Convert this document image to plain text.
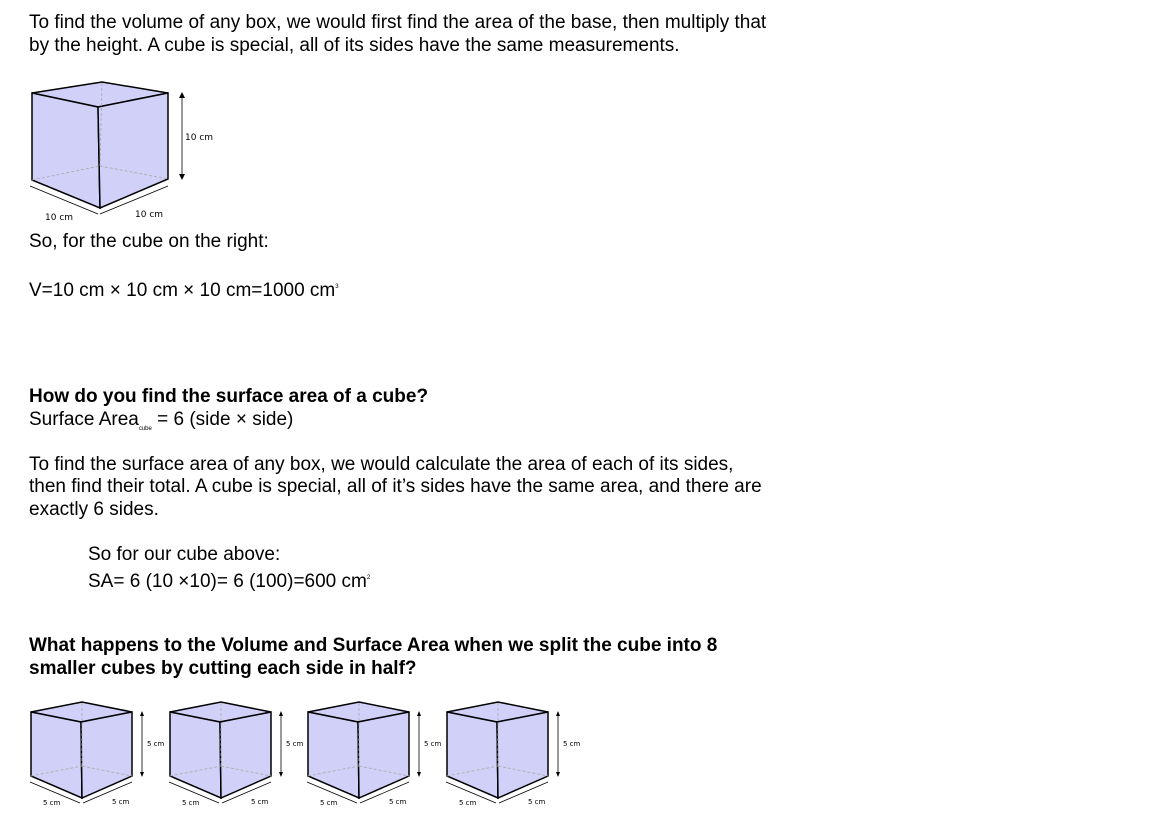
To find the volume of any box, we would first find the area of the base, then multiply that
by the height. A cube is special, all of its sides have the same measurements.
10 cm
10 cm	10 cm
So, for the cube on the right:
V=10 cm × 10 cm × 10 cm=1000 $cm^3$
How do you find the surface area of a cube?
Surface Area$_{cube}$ = 6 (side × side)
To find the surface area of any box, we would calculate the area of each of its sides,
then find their total. A cube is special, all of it’s sides have the same area, and there are
exactly 6 sides.
So for our cube above:
SA= 6 (10 ×10)= 6 (100)=600 $cm^2$
What happens to the Volume and Surface Area when we split the cube into 8
smaller cubes by cutting each side in half?
5 cm
5 cm	5 cm
5 cm
5 cm	5 cm
5 cm
5 cm	5 cm
5 cm
5 cm	5 cm
